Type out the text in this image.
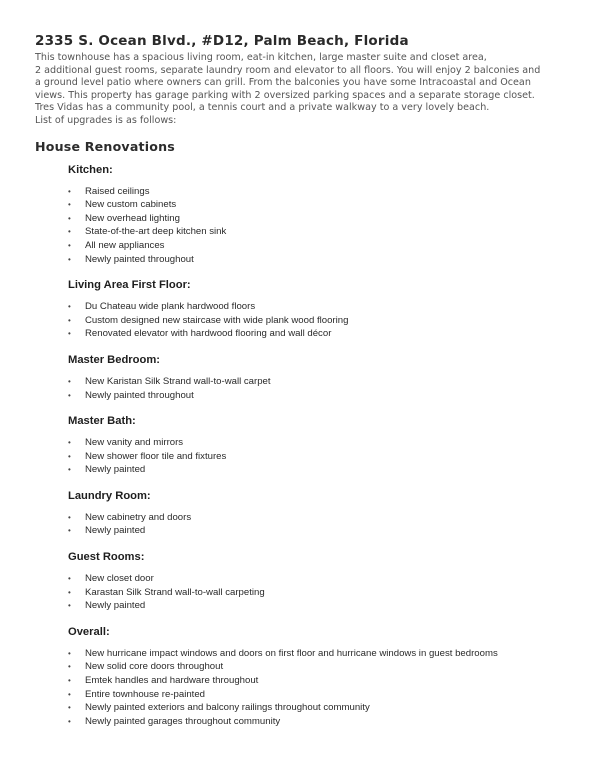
2335 S. Ocean Blvd., #D12, Palm Beach, Florida
This townhouse has a spacious living room, eat-in kitchen, large master suite and closet area,
2 additional guest rooms, separate laundry room and elevator to all floors. You will enjoy 2 balconies and
a ground level patio where owners can grill. From the balconies you have some Intracoastal and Ocean
views. This property has garage parking with 2 oversized parking spaces and a separate storage closet.
Tres Vidas has a community pool, a tennis court and a private walkway to a very lovely beach.
List of upgrades is as follows:
House Renovations
Kitchen:
• Raised ceilings
• New custom cabinets
• New overhead lighting
• State-of-the-art deep kitchen sink
• All new appliances
• Newly painted throughout
Living Area First Floor:
• Du Chateau wide plank hardwood floors
• Custom designed new staircase with wide plank wood flooring
• Renovated elevator with hardwood flooring and wall décor
Master Bedroom:
• New Karistan Silk Strand wall-to-wall carpet
• Newly painted throughout
Master Bath:
• New vanity and mirrors
• New shower floor tile and fixtures
• Newly painted
Laundry Room:
• New cabinetry and doors
• Newly painted
Guest Rooms:
• New closet door
• Karastan Silk Strand wall-to-wall carpeting
• Newly painted
Overall:
• New hurricane impact windows and doors on first floor and hurricane windows in guest bedrooms
• New solid core doors throughout
• Emtek handles and hardware throughout
• Entire townhouse re-painted
• Newly painted exteriors and balcony railings throughout community
• Newly painted garages throughout community
